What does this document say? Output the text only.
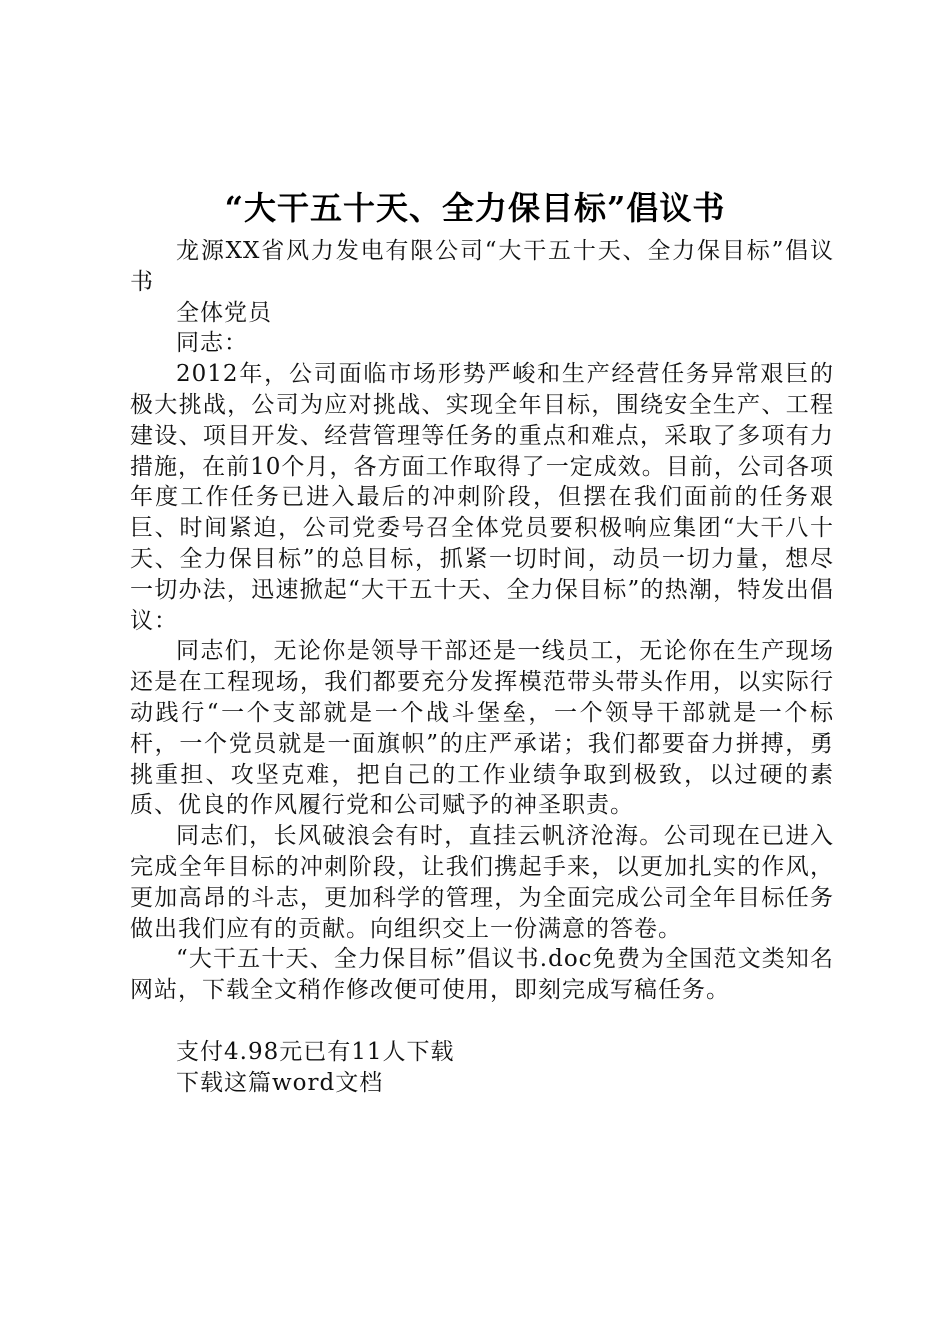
“大干五十天、全力保目标”倡议书

龙源XX省风力发电有限公司“大干五十天、全力保目标”倡议书

全体党员

同志：

2012年，公司面临市场形势严峻和生产经营任务异常艰巨的极大挑战，公司为应对挑战、实现全年目标，围绕安全生产、工程建设、项目开发、经营管理等任务的重点和难点，采取了多项有力措施，在前10个月，各方面工作取得了一定成效。目前，公司各项年度工作任务已进入最后的冲刺阶段，但摆在我们面前的任务艰巨、时间紧迫，公司党委号召全体党员要积极响应集团“大干八十天、全力保目标”的总目标，抓紧一切时间，动员一切力量，想尽一切办法，迅速掀起“大干五十天、全力保目标”的热潮，特发出倡议：

同志们，无论你是领导干部还是一线员工，无论你在生产现场还是在工程现场，我们都要充分发挥模范带头带头作用，以实际行动践行“一个支部就是一个战斗堡垒，一个领导干部就是一个标杆，一个党员就是一面旗帜”的庄严承诺；我们都要奋力拼搏，勇挑重担、攻坚克难，把自己的工作业绩争取到极致，以过硬的素质、优良的作风履行党和公司赋予的神圣职责。

同志们，长风破浪会有时，直挂云帆济沧海。公司现在已进入完成全年目标的冲刺阶段，让我们携起手来，以更加扎实的作风，更加高昂的斗志，更加科学的管理，为全面完成公司全年目标任务做出我们应有的贡献。向组织交上一份满意的答卷。

“大干五十天、全力保目标”倡议书.doc免费为全国范文类知名网站，下载全文稍作修改便可使用，即刻完成写稿任务。

支付4.98元已有11人下载

下载这篇word文档
